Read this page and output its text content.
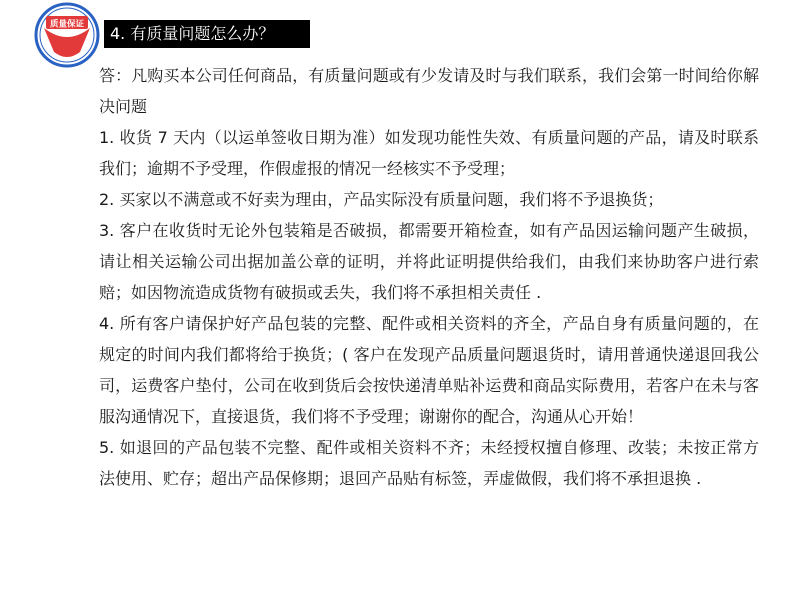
质量保证	4. 有质量问题怎么办？

答：凡购买本公司任何商品，有质量问题或有少发请及时与我们联系，我们会第一时间给你解决问题

1. 收货 7 天内（以运单签收日期为准）如发现功能性失效、有质量问题的产品，请及时联系我们；逾期不予受理，作假虚报的情况一经核实不予受理；

2. 买家以不满意或不好卖为理由，产品实际没有质量问题，我们将不予退换货；

3. 客户在收货时无论外包装箱是否破损，都需要开箱检查，如有产品因运输问题产生破损，请让相关运输公司出据加盖公章的证明，并将此证明提供给我们，由我们来协助客户进行索赔；如因物流造成货物有破损或丢失，我们将不承担相关责任 .

4. 所有客户请保护好产品包装的完整、配件或相关资料的齐全，产品自身有质量问题的，在规定的时间内我们都将给于换货；( 客户在发现产品质量问题退货时，请用普通快递退回我公司，运费客户垫付，公司在收到货后会按快递清单贴补运费和商品实际费用，若客户在未与客服沟通情况下，直接退货，我们将不予受理；谢谢你的配合，沟通从心开始！

5. 如退回的产品包装不完整、配件或相关资料不齐；未经授权擅自修理、改装；未按正常方法使用、贮存；超出产品保修期；退回产品贴有标签，弄虚做假，我们将不承担退换 .
